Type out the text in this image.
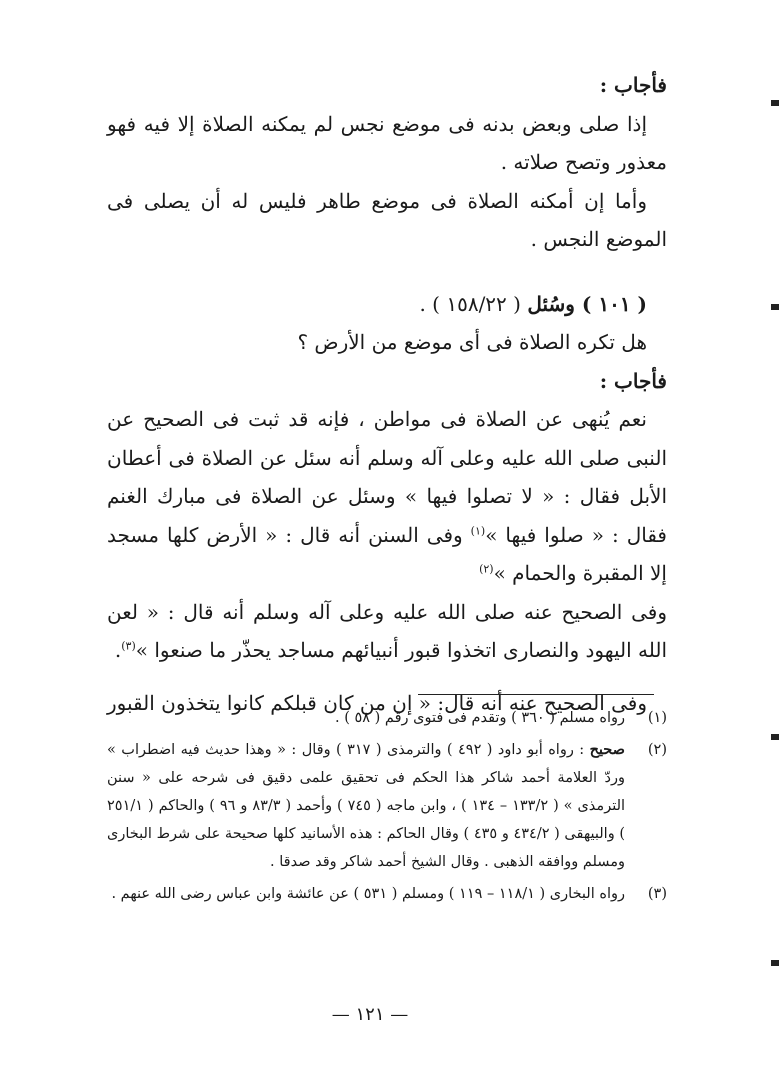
فأجاب :

إذا صلى وبعض بدنه فى موضع نجس لم يمكنه الصلاة إلا فيه فهو معذور وتصح صلاته .

وأما إن أمكنه الصلاة فى موضع طاهر فليس له أن يصلى فى الموضع النجس .

( ١٠١ ) وسُئل ( ١٥٨/٢٢ ) .

هل تكره الصلاة فى أى موضع من الأرض ؟

فأجاب :

نعم يُنهى عن الصلاة فى مواطن ، فإنه قد ثبت فى الصحيح عن النبى صلى الله عليه وعلى آله وسلم أنه سئل عن الصلاة فى أعطان الأبل فقال : « لا تصلوا فيها » وسئل عن الصلاة فى مبارك الغنم فقال : « صلوا فيها »$^{(١)}$ وفى السنن أنه قال : « الأرض كلها مسجد إلا المقبرة والحمام »$^{(٢)}$

وفى الصحيح عنه صلى الله عليه وعلى آله وسلم أنه قال : « لعن الله اليهود والنصارى اتخذوا قبور أنبيائهم مساجد يحذّر ما صنعوا »$^{(٣)}$.

وفى الصحيح عنه أنه قال: « إن من كان قبلكم كانوا يتخذون القبور

(١)
رواه مسلم ( ٣٦٠ ) وتقدم فى فتوى رقم ( ٥٨ ) .
(٢)
صحيح : رواه أبو داود ( ٤٩٢ ) والترمذى ( ٣١٧ ) وقال : « وهذا حديث فيه اضطراب » وردّ العلامة أحمد شاكر هذا الحكم فى تحقيق علمى دقيق فى شرحه على « سنن الترمذى » ( ١٣٣/٢ – ١٣٤ ) ، وابن ماجه ( ٧٤٥ ) وأحمد ( ٨٣/٣ و ٩٦ ) والحاكم ( ٢٥١/١ ) والبيهقى ( ٤٣٤/٢ و ٤٣٥ ) وقال الحاكم : هذه الأسانيد كلها صحيحة على شرط البخارى ومسلم ووافقه الذهبى . وقال الشيخ أحمد شاكر وقد صدقا .
(٣)
رواه البخارى ( ١١٨/١ – ١١٩ ) ومسلم ( ٥٣١ ) عن عائشة وابن عباس رضى الله عنهم .
— ١٢١ —
